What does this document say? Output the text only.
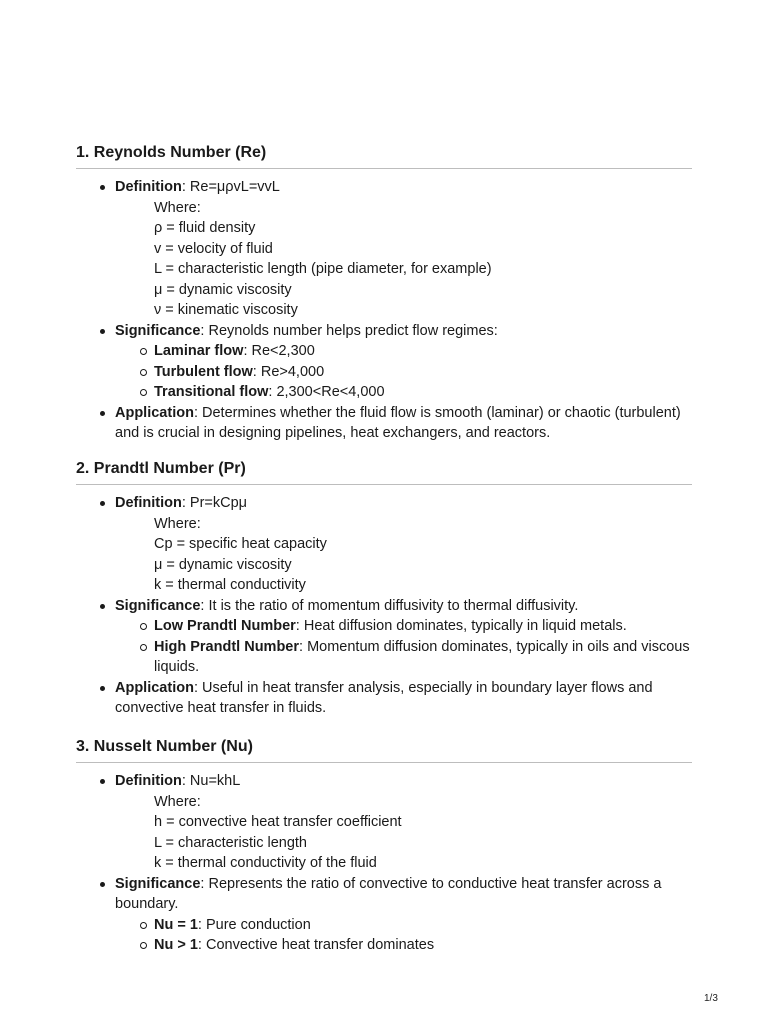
1. Reynolds Number (Re)
Definition: Re=μρvL=vvL
Where:
ρ = fluid density
v = velocity of fluid
L = characteristic length (pipe diameter, for example)
μ = dynamic viscosity
ν = kinematic viscosity
Significance: Reynolds number helps predict flow regimes:
Laminar flow: Re<2,300
Turbulent flow: Re>4,000
Transitional flow: 2,300<Re<4,000
Application: Determines whether the fluid flow is smooth (laminar) or chaotic (turbulent) and is crucial in designing pipelines, heat exchangers, and reactors.
2. Prandtl Number (Pr)
Definition: Pr=kCpμ
Where:
Cp = specific heat capacity
μ = dynamic viscosity
k = thermal conductivity
Significance: It is the ratio of momentum diffusivity to thermal diffusivity.
Low Prandtl Number: Heat diffusion dominates, typically in liquid metals.
High Prandtl Number: Momentum diffusion dominates, typically in oils and viscous liquids.
Application: Useful in heat transfer analysis, especially in boundary layer flows and convective heat transfer in fluids.
3. Nusselt Number (Nu)
Definition: Nu=khL
Where:
h = convective heat transfer coefficient
L = characteristic length
k = thermal conductivity of the fluid
Significance: Represents the ratio of convective to conductive heat transfer across a boundary.
Nu = 1: Pure conduction
Nu > 1: Convective heat transfer dominates
1/3
